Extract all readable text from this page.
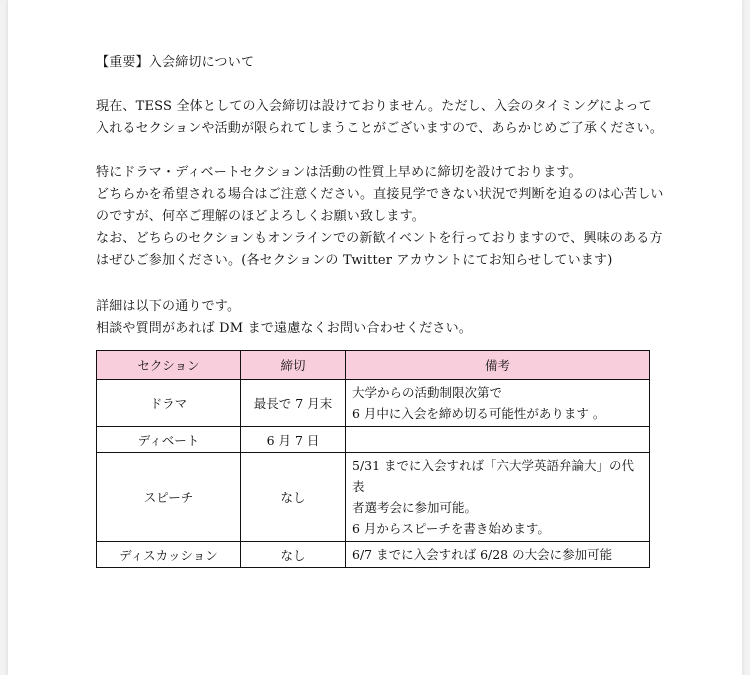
【重要】入会締切について
現在、TESS 全体としての入会締切は設けておりません。ただし、入会のタイミングによって
入れるセクションや活動が限られてしまうことがございますので、あらかじめご了承ください。
特にドラマ・ディベートセクションは活動の性質上早めに締切を設けております。
どちらかを希望される場合はご注意ください。直接見学できない状況で判断を迫るのは心苦しい
のですが、何卒ご理解のほどよろしくお願い致します。
なお、どちらのセクションもオンラインでの新歓イベントを行っておりますので、興味のある方
はぜひご参加ください。(各セクションの Twitter アカウントにてお知らせしています)
詳細は以下の通りです。
相談や質問があれば DM まで遠慮なくお問い合わせください。
セクション	締切	備考
ドラマ	最長で 7 月末	大学からの活動制限次第で
6 月中に入会を締め切る可能性があります 。

ディベート	6 月 7 日	
スピーチ	なし	5/31 までに入会すれば「六大学英語弁論大」の代表
者選考会に参加可能。
6 月からスピーチを書き始めます。

ディスカッション	なし	6/7 までに入会すれば 6/28 の大会に参加可能
